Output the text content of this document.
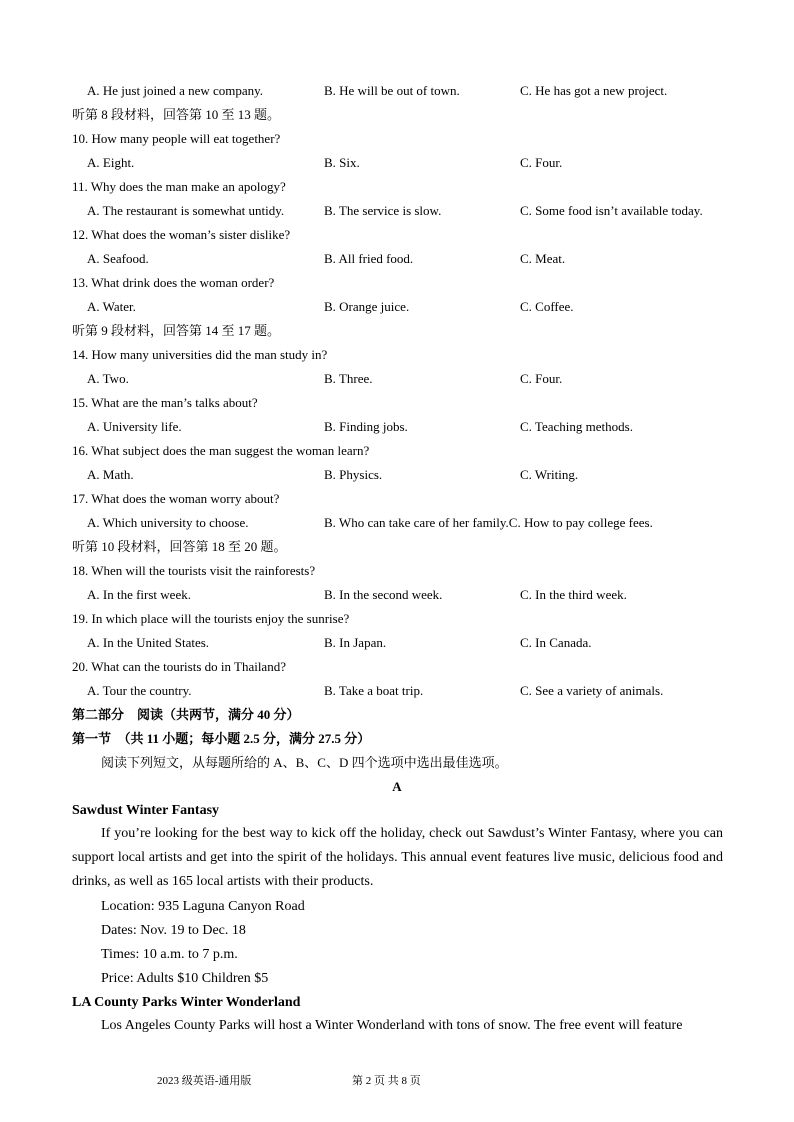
A. He just joined a new company.	B. He will be out of town.	C. He has got a new project.
听第 8 段材料，回答第 10 至 13 题。
10. How many people will eat together?
A. Eight.	B. Six.	C. Four.
11. Why does the man make an apology?
A. The restaurant is somewhat untidy.	B. The service is slow.	C. Some food isn’t available today.
12. What does the woman’s sister dislike?
A. Seafood.	B. All fried food.	C. Meat.
13. What drink does the woman order?
A. Water.	B. Orange juice.	C. Coffee.
听第 9 段材料，回答第 14 至 17 题。
14. How many universities did the man study in?
A. Two.	B. Three.	C. Four.
15. What are the man’s talks about?
A. University life.	B. Finding jobs.	C. Teaching methods.
16. What subject does the man suggest the woman learn?
A. Math.	B. Physics.	C. Writing.
17. What does the woman worry about?
A. Which university to choose.	B. Who can take care of her family.C. How to pay college fees.
听第 10 段材料，回答第 18 至 20 题。
18. When will the tourists visit the rainforests?
A. In the first week.	B. In the second week.	C. In the third week.
19. In which place will the tourists enjoy the sunrise?
A. In the United States.	B. In Japan.	C. In Canada.
20. What can the tourists do in Thailand?
A. Tour the country.	B. Take a boat trip.	C. See a variety of animals.
第二部分　阅读（共两节，满分 40 分）
第一节　（共 11 小题；每小题 2.5 分，满分 27.5 分）
阅读下列短文，从每题所给的 A、B、C、D 四个选项中选出最佳选项。
A
Sawdust Winter Fantasy
If you’re looking for the best way to kick off the holiday, check out Sawdust’s Winter Fantasy, where you can support local artists and get into the spirit of the holidays. This annual event features live music, delicious food and drinks, as well as 165 local artists with their products.
Location: 935 Laguna Canyon Road
Dates: Nov. 19 to Dec. 18
Times: 10 a.m. to 7 p.m.
Price: Adults $10 Children $5
LA County Parks Winter Wonderland
Los Angeles County Parks will host a Winter Wonderland with tons of snow. The free event will feature
2023 级英语-通用版	第 2 页 共 8 页
